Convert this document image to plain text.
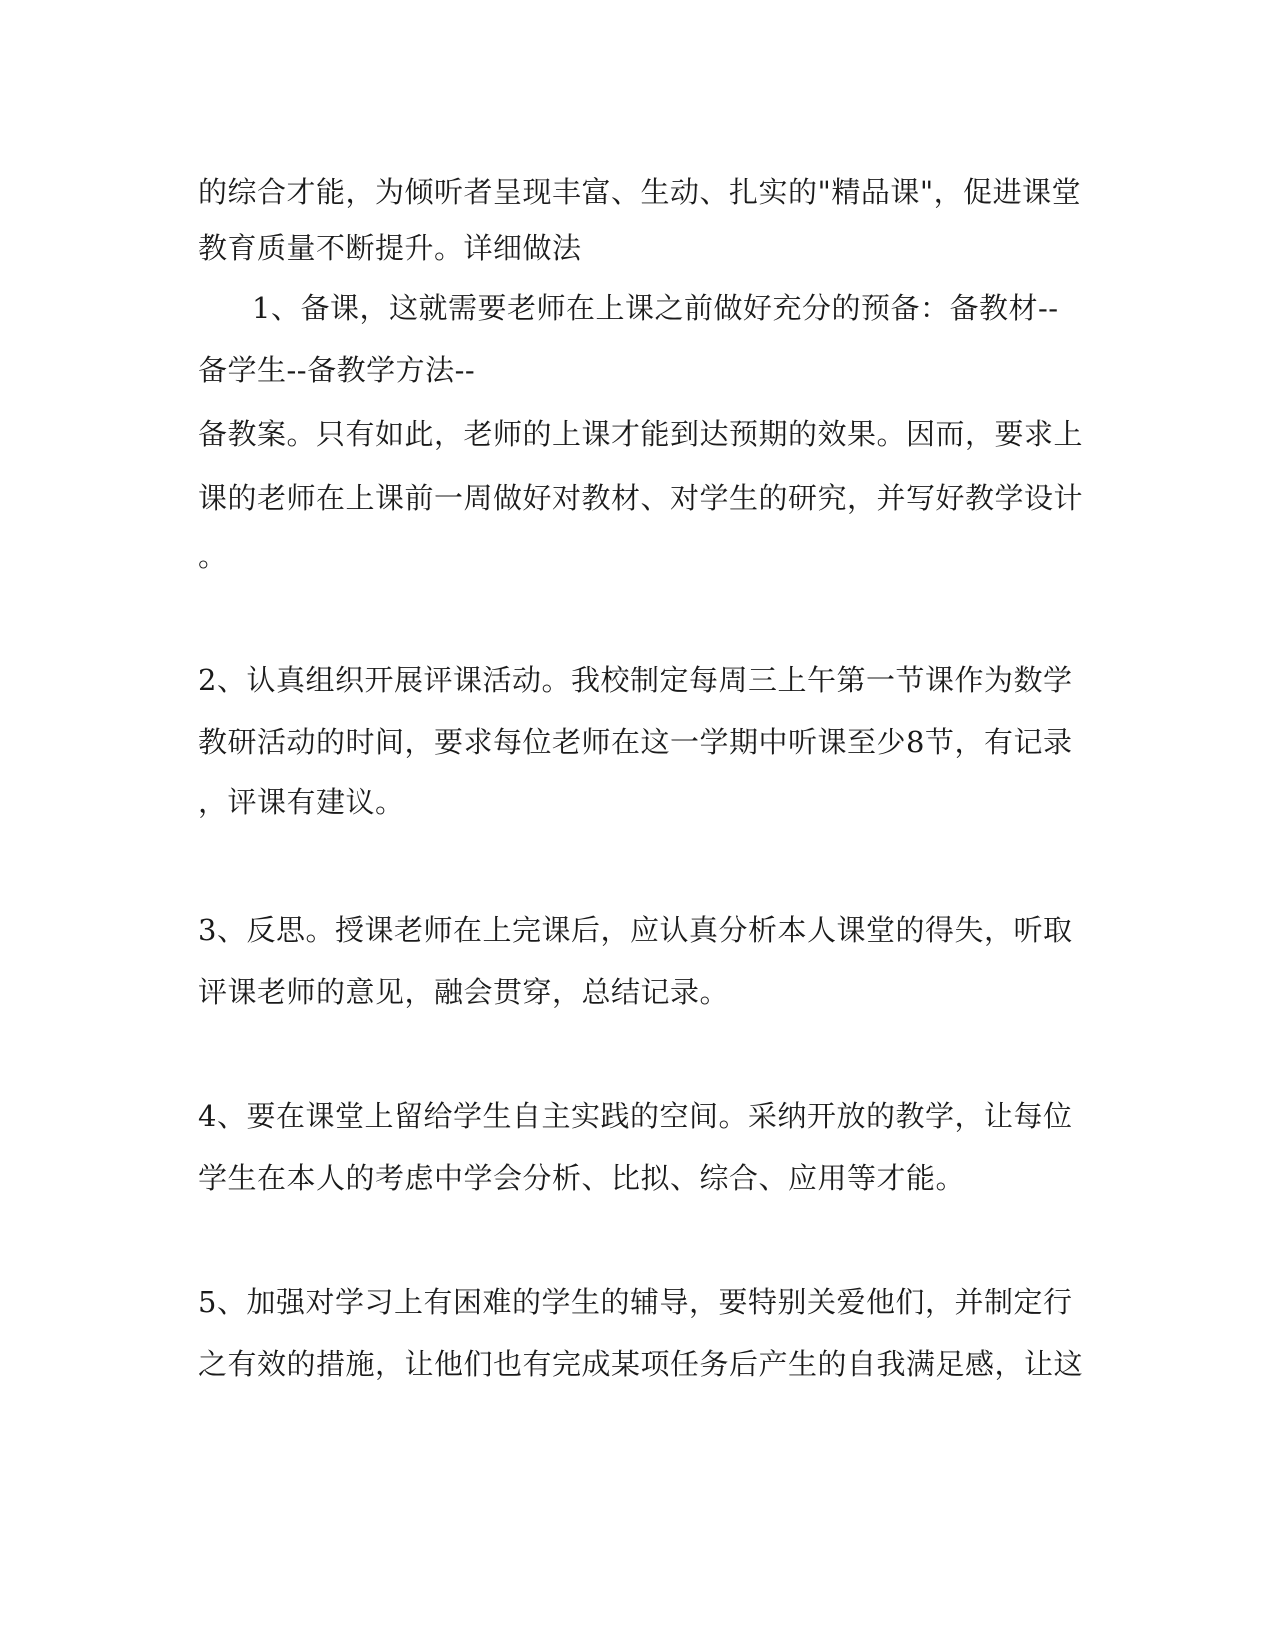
的综合才能，为倾听者呈现丰富、生动、扎实的"精品课"，促进课堂
教育质量不断提升。详细做法
1、备课，这就需要老师在上课之前做好充分的预备：备教材--
备学生--备教学方法--
备教案。只有如此，老师的上课才能到达预期的效果。因而，要求上
课的老师在上课前一周做好对教材、对学生的研究，并写好教学设计
。
2、认真组织开展评课活动。我校制定每周三上午第一节课作为数学
教研活动的时间，要求每位老师在这一学期中听课至少8节，有记录
，评课有建议。
3、反思。授课老师在上完课后，应认真分析本人课堂的得失，听取
评课老师的意见，融会贯穿，总结记录。
4、要在课堂上留给学生自主实践的空间。采纳开放的教学，让每位
学生在本人的考虑中学会分析、比拟、综合、应用等才能。
5、加强对学习上有困难的学生的辅导，要特别关爱他们，并制定行
之有效的措施，让他们也有完成某项任务后产生的自我满足感，让这
